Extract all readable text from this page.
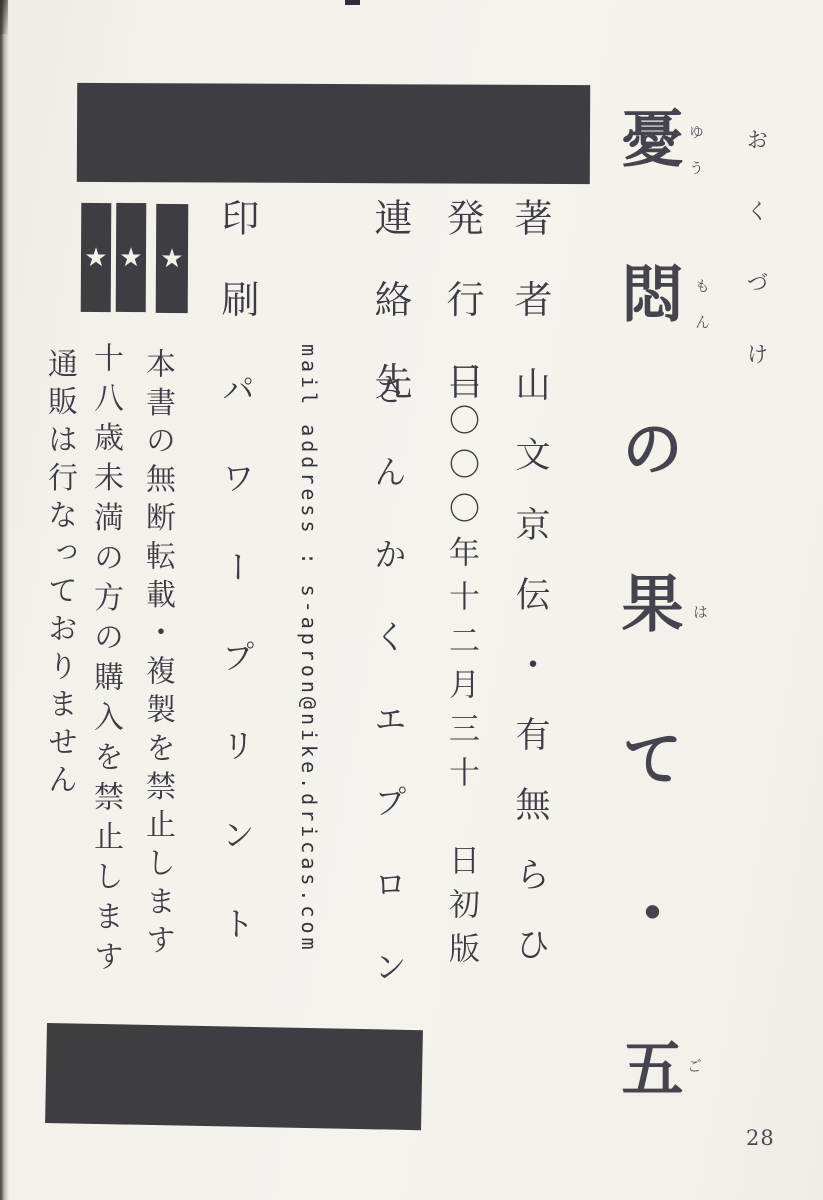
★ ★ ★	おくづけ
憂悶の果て・五 ゆう
もん
は
ご
著者
山文京伝・有無らひ
発行日
二〇〇〇年十二月三十　日初版
連絡先
さんかくエプロン
mail address : s-apron@nike.dricas.com
印刷
パワープリント
本書の無断転載・複製を禁止します
十八歳未満の方の購入を禁止します
通販は行なっておりません
28
